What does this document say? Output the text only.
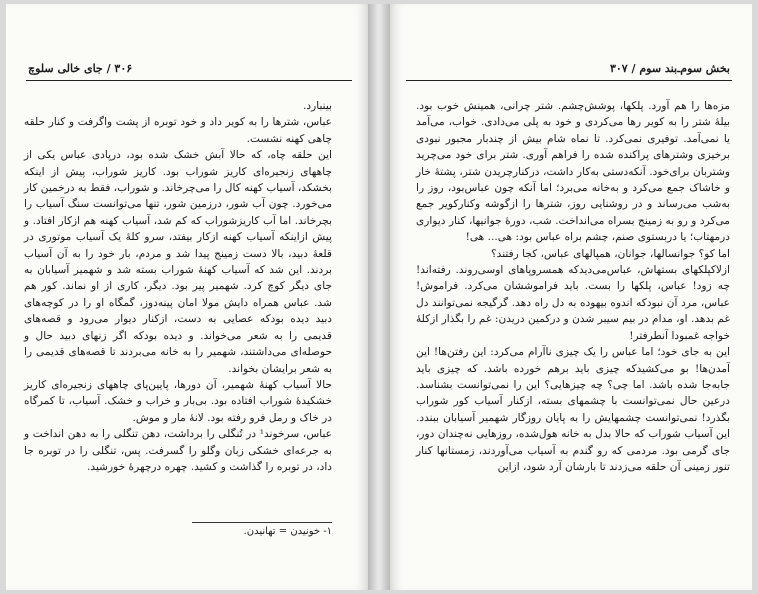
۳۰۶ / جای خالی سلوچ

بینبارد.

عباس، شترها را به کویر داد و خود توبره از پشت واگرفت و کنار حلقه چاهی کهنه نشست.

این حلقه چاه، که حالا آبش خشک شده بود، درپادی عباس یکی از چاههای زنجیره‌ای کاریز شوراب بود. کاریز شوراب، پیش از اینکه بخشکد، آسیاب کهنه کال را می‌چرخاند. و شوراب، فقط به درخمین کار می‌خورد. چون آب شور، درزمین شور، تنها می‌توانست سنگ آسیاب را بچرخاند. اما آب کاریزشوراب که کم شد، آسیاب کهنه هم ازکار افتاد. و پیش ازاینکه آسیاب کهنه ازکار بیفتد، سرو کلهٔ یک آسیاب موتوری در قلعهٔ دبید، بالا دست زمینج پیدا شد و مردم، بار خود را به آن آسیاب بردند. این شد که آسیاب کهنهٔ شوراب بسته شد و شهمیر آسیابان به جای دیگر کوچ کرد. شهمیر پیر بود. دیگر، کاری از او نماند. کور هم شد. عباس همراه دایش مولا امان پینه‌دوز، گمگاه او را در کوچه‌های دبید دیده بودکه عصایی به دست، ازکنار دیوار می‌رود و قصه‌های قدیمی را به شعر می‌خواند. و دیده بودکه اگر زنهای دبید حال و حوصله‌ای می‌داشتند، شهمیر را به خانه می‌بردند تا قصه‌های قدیمی را به شعر برایشان بخواند.

حالا آسیاب کهنهٔ شهمیر، آن دورها، پایین‌پای چاههای زنجیره‌ای کاریز خشکیدهٔ شوراب افتاده بود. بی‌بار و خراب و خشک. آسیاب، تا کمرگاه در خاک و رمل فرو رفته بود. لانهٔ مار و موش.

عباس، سرخوند¹ در تُنگلی را برداشت، دهن تنگلی را به دهن انداخت و به جرعه‌ای خشکی زبان وگلو را گسرفت. پس، تنگلی را در توبره جا داد، در توبره را گذاشت و کشید. چهره درچهرهٔ خورشید.

۱- خونیدن = تهانیدن.
بخش سوم‌ـ‌بند سوم / ۳۰۷

مزه‌ها را هم آورد. پلکها، پوشش‌چشم. شتر چرانی، همینش خوب بود. بیلهٔ شتر را به کویر رها می‌کردی و خود به پلی می‌دادی. خواب، می‌آمد یا نمی‌آمد. توفیری نمی‌کرد. تا نماه شام بیش از چندبار مجبور نبودی برخیزی وشترهای پراکنده شده را فراهم آوری. شتر برای خود می‌چرید وشتربان برای‌خود. آنکه‌دستی به‌کار داشت، درکنارچریدن شتر، پشتهٔ خار و خاشاک جمع می‌کرد و به‌خانه می‌برد؛ اما آنکه چون عباس‌بود، روز را به‌شب می‌رساند و در روشنایی روز، شترها را ازگوشه وکنارکویر جمع می‌کرد و رو به زمینج بسراه می‌انداخت. شب، دورهٔ جوانیها، کنار دیواری درمهتاب؛ یا دربستوی صنم، چشم براه عباس بود: هی... هی!

اما کو؟ جوانسالها، جوانان، همپالهای عباس، کجا رفتند؟

ازلاکپلکهای بستهاش، عباس‌می‌دیدکه همسروپاهای اوسی‌روند. رفته‌اند! چه زود! عباس، پلکها را بست. باید فراموششان می‌کرد. فراموش! عباس، مرد آن نبودکه اندوه بیهوده به دل راه دهد. گرگیجه نمی‌توانند دل غم بدهد. او، مدام در بیم سیبر شدن و درکمین دریدن: غم را بگذار ازکلهٔ خواجه غمبودا آنطرفتر!

این به جای خود؛ اما عباس را یک چیزی ناآرام می‌کرد: این رفتن‌ها! این آمدن‌ها! بو می‌کشیدکه چیزی باید برهم خورده باشد. که چیزی باید جابه‌جا شده باشد. اما چی؟ چه چیزهایی؟ این را نمی‌توانست بشناسد. درعین حال نمی‌توانست با چشمهای بسته، ازکنار آسیاب کور شوراب بگذرد! نمی‌توانست چشمهایش را به پایان روزگار شهمیر آسیابان ببندد. این آسیاب شوراب که حالا بدل به خانه هول‌شده، روزهایی نه‌چندان دور، جای گرمی بود. مردمی که رو گندم به آسیاب می‌آوردند، زمستانها کنار تنور زمینی آن حلقه می‌زدند تا بارشان آرد شود، ازاین
